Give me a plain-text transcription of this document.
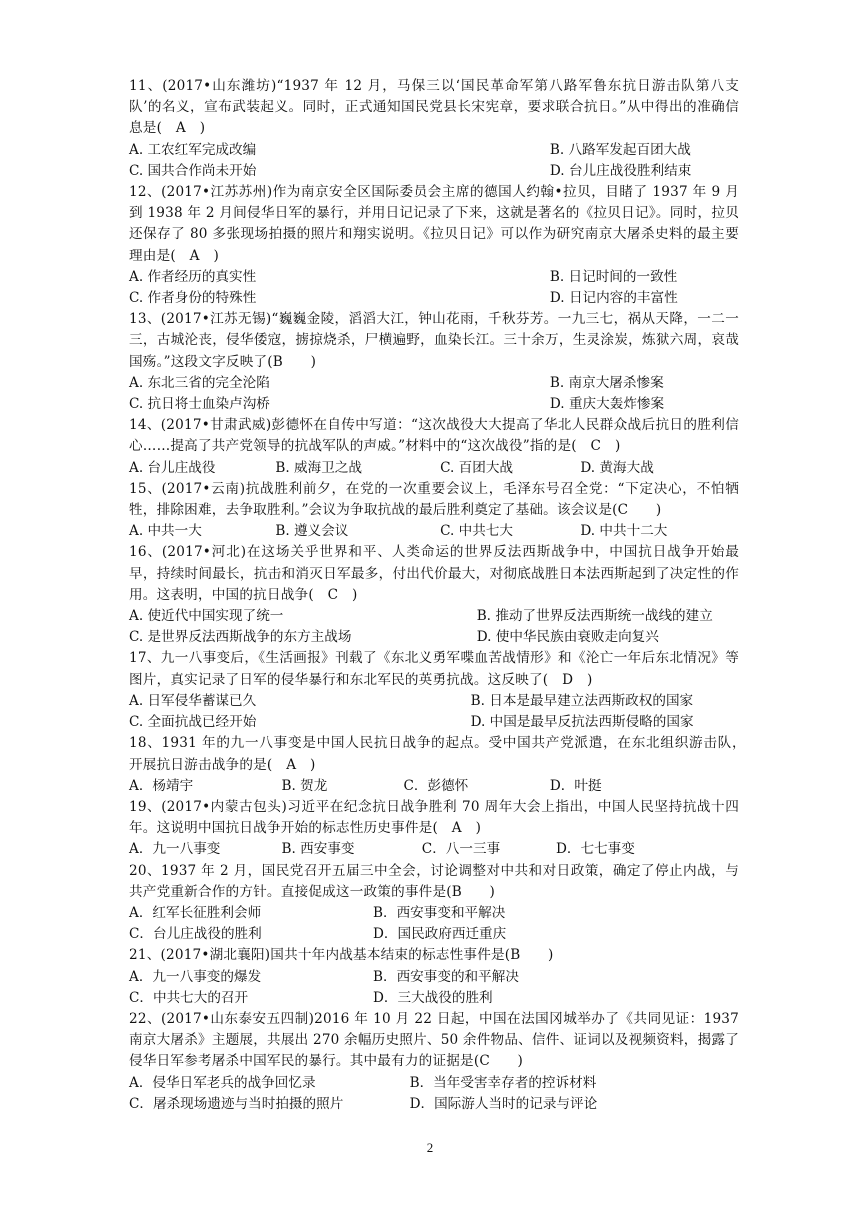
11、(2017•山东潍坊)“1937 年 12 月，马保三以‘国民革命军第八路军鲁东抗日游击队第八支队’的名义，宣布武装起义。同时，正式通知国民党县长宋宪章，要求联合抗日。”从中得出的准确信息是(　A　)

A. 工农红军完成改编	B. 八路军发起百团大战
C. 国共合作尚未开始	D. 台儿庄战役胜利结束

12、(2017•江苏苏州)作为南京安全区国际委员会主席的德国人约翰•拉贝，目睹了 1937 年 9 月到 1938 年 2 月间侵华日军的暴行，并用日记记录了下来，这就是著名的《拉贝日记》。同时，拉贝还保存了 80 多张现场拍摄的照片和翔实说明。《拉贝日记》可以作为研究南京大屠杀史料的最主要理由是(　A　)

A. 作者经历的真实性	B. 日记时间的一致性
C. 作者身份的特殊性	D. 日记内容的丰富性

13、(2017•江苏无锡)“巍巍金陵，滔滔大江，钟山花雨，千秋芬芳。一九三七，祸从天降，一二一三，古城沦丧，侵华倭寇，掳掠烧杀，尸横遍野，血染长江。三十余万，生灵涂炭，炼狱六周，哀哉国殇。”这段文字反映了(B　　)

A. 东北三省的完全沦陷	B. 南京大屠杀惨案
C. 抗日将士血染卢沟桥	D. 重庆大轰炸惨案

14、(2017•甘肃武威)彭德怀在自传中写道：“这次战役大大提高了华北人民群众战后抗日的胜利信心……提高了共产党领导的抗战军队的声威。”材料中的“这次战役”指的是(　C　)

A. 台儿庄战役	B. 威海卫之战	C. 百团大战	D. 黄海大战

15、(2017•云南)抗战胜利前夕，在党的一次重要会议上，毛泽东号召全党：“下定决心，不怕牺牲，排除困难，去争取胜利。”会议为争取抗战的最后胜利奠定了基础。该会议是(C　　)

A. 中共一大	B. 遵义会议	C. 中共七大	D. 中共十二大

16、(2017•河北)在这场关乎世界和平、人类命运的世界反法西斯战争中，中国抗日战争开始最早，持续时间最长，抗击和消灭日军最多，付出代价最大，对彻底战胜日本法西斯起到了决定性的作用。这表明，中国的抗日战争(　C　)

A. 使近代中国实现了统一	B. 推动了世界反法西斯统一战线的建立
C. 是世界反法西斯战争的东方主战场	D. 使中华民族由衰败走向复兴

17、九一八事变后，《生活画报》刊载了《东北义勇军喋血苦战情形》和《沦亡一年后东北情况》等图片，真实记录了日军的侵华暴行和东北军民的英勇抗战。这反映了(　D　)

A. 日军侵华蓄谋已久	B. 日本是最早建立法西斯政权的国家
C. 全面抗战已经开始	D. 中国是最早反抗法西斯侵略的国家

18、1931 年的九一八事变是中国人民抗日战争的起点。受中国共产党派遣，在东北组织游击队，　开展抗日游击战争的是(　A　)

A．杨靖宇	B. 贺龙	C．彭德怀	D．叶挺

19、(2017•内蒙古包头)习近平在纪念抗日战争胜利 70 周年大会上指出，中国人民坚持抗战十四年。这说明中国抗日战争开始的标志性历史事件是(　A　)

A．九一八事变	B. 西安事变	C．八一三事	D．七七事变

20、1937 年 2 月，国民党召开五届三中全会，讨论调整对中共和对日政策，确定了停止内战，与共产党重新合作的方针。直接促成这一政策的事件是(B　　)

A．红军长征胜利会师	B．西安事变和平解决
C．台儿庄战役的胜利	D．国民政府西迁重庆

21、(2017•湖北襄阳)国共十年内战基本结束的标志性事件是(B　　)

A．九一八事变的爆发	B．西安事变的和平解决
C．中共七大的召开	D．三大战役的胜利

22、(2017•山东泰安五四制)2016 年 10 月 22 日起，中国在法国冈城举办了《共同见证：1937 南京大屠杀》主题展，共展出 270 余幅历史照片、50 余件物品、信件、证词以及视频资料，揭露了侵华日军参考屠杀中国军民的暴行。其中最有力的证据是(C　　)

A．侵华日军老兵的战争回忆录	B．当年受害幸存者的控诉材料
C．屠杀现场遗迹与当时拍摄的照片	D．国际游人当时的记录与评论
2
